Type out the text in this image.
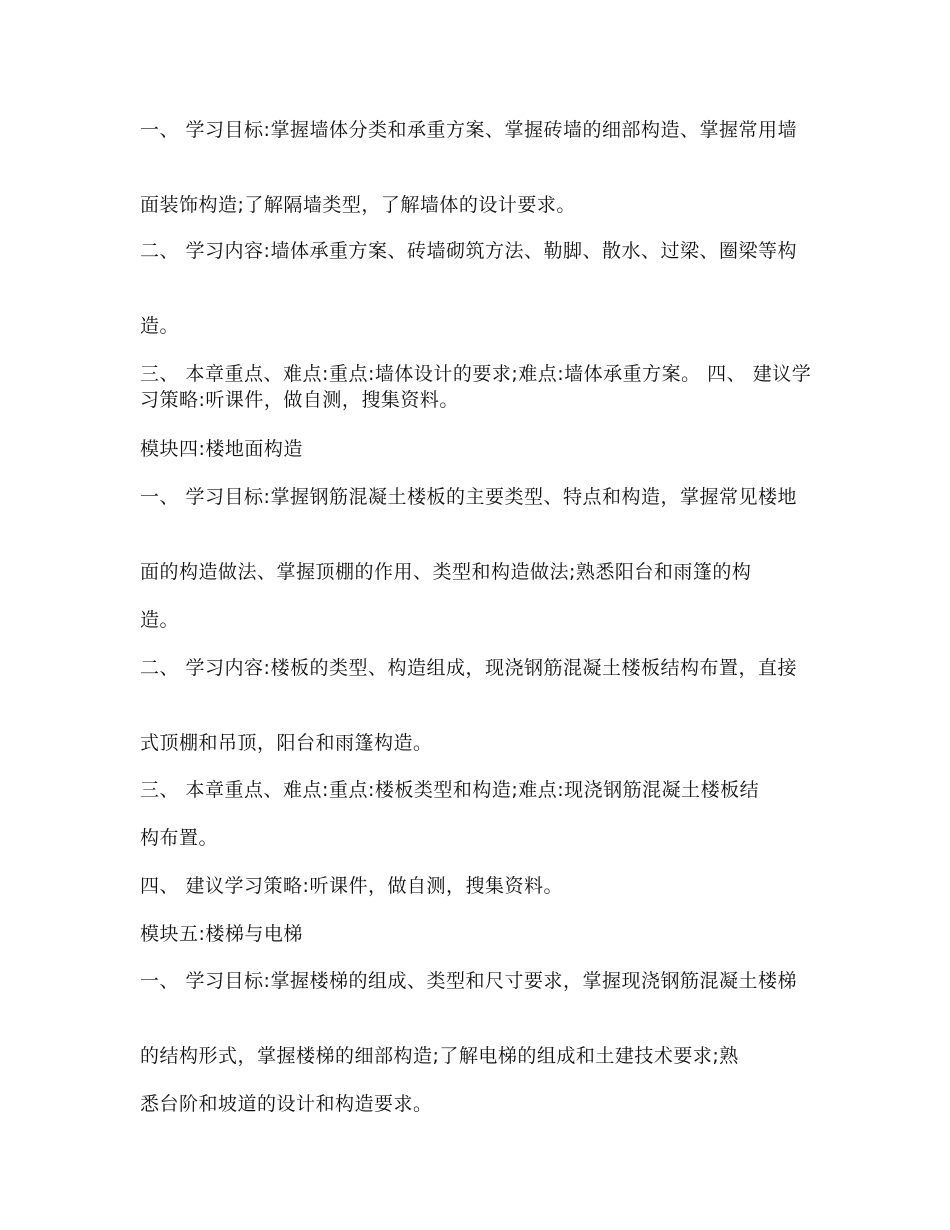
一、 学习目标:掌握墙体分类和承重方案、掌握砖墙的细部构造、掌握常用墙
面装饰构造;了解隔墙类型，了解墙体的设计要求。
二、 学习内容:墙体承重方案、砖墙砌筑方法、勒脚、散水、过梁、圈梁等构
造。
三、 本章重点、难点:重点:墙体设计的要求;难点:墙体承重方案。 四、 建议学习策略:听课件，做自测，搜集资料。
模块四:楼地面构造
一、 学习目标:掌握钢筋混凝土楼板的主要类型、特点和构造，掌握常见楼地
面的构造做法、掌握顶棚的作用、类型和构造做法;熟悉阳台和雨篷的构
造。
二、 学习内容:楼板的类型、构造组成，现浇钢筋混凝土楼板结构布置，直接
式顶棚和吊顶，阳台和雨篷构造。
三、 本章重点、难点:重点:楼板类型和构造;难点:现浇钢筋混凝土楼板结
构布置。
四、 建议学习策略:听课件，做自测，搜集资料。
模块五:楼梯与电梯
一、 学习目标:掌握楼梯的组成、类型和尺寸要求，掌握现浇钢筋混凝土楼梯
的结构形式，掌握楼梯的细部构造;了解电梯的组成和土建技术要求;熟
悉台阶和坡道的设计和构造要求。
